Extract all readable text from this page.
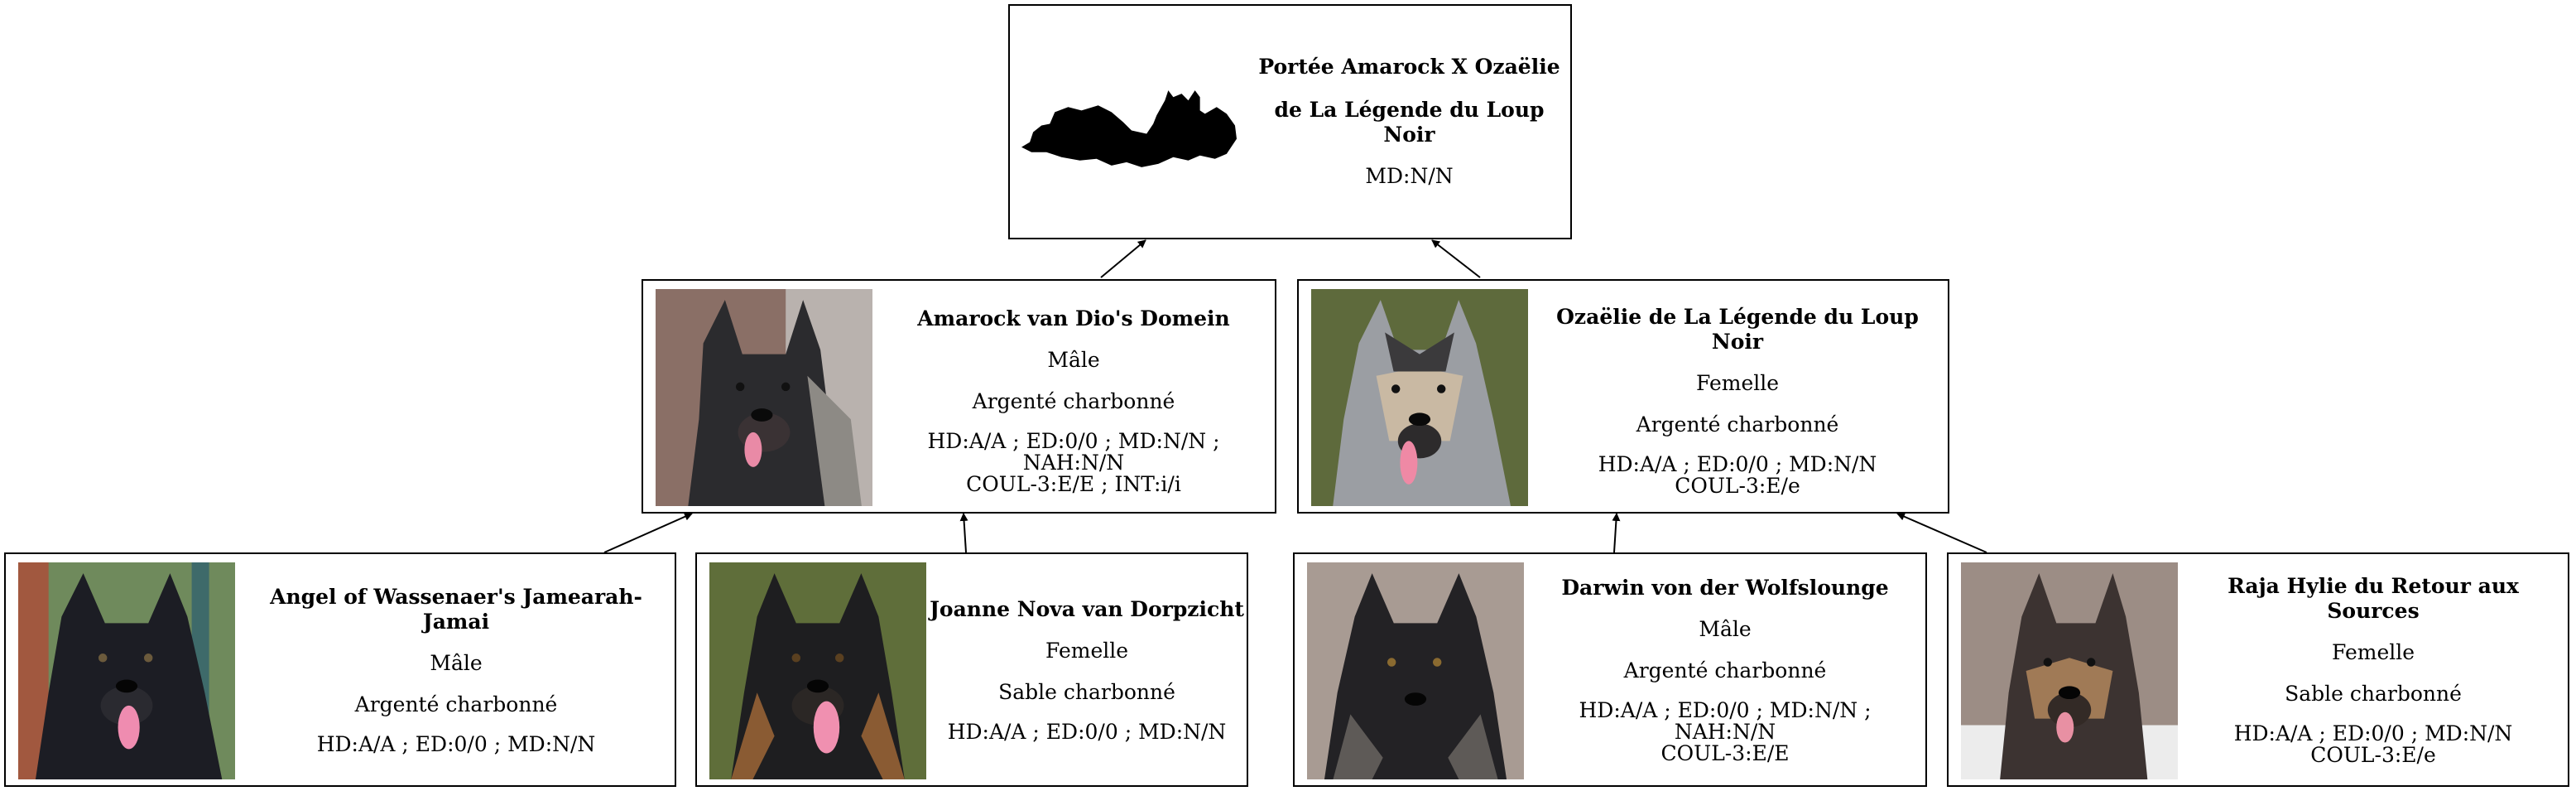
Portée Amarock X Ozaëlie
de La Légende du Loup Noir
MD:N/N
Amarock van Dio's Domein
Mâle
Argenté charbonné
HD:A/A ; ED:0/0 ; MD:N/N ; NAH:N/N
COUL-3:E/E ; INT:i/i
Ozaëlie de La Légende du Loup Noir
Femelle
Argenté charbonné
HD:A/A ; ED:0/0 ; MD:N/N
COUL-3:E/e
Angel of Wassenaer's Jamearah-Jamai
Mâle
Argenté charbonné
HD:A/A ; ED:0/0 ; MD:N/N
Joanne Nova van Dorpzicht
Femelle
Sable charbonné
HD:A/A ; ED:0/0 ; MD:N/N
Darwin von der Wolfslounge
Mâle
Argenté charbonné
HD:A/A ; ED:0/0 ; MD:N/N ; NAH:N/N
COUL-3:E/E
Raja Hylie du Retour aux Sources
Femelle
Sable charbonné
HD:A/A ; ED:0/0 ; MD:N/N
COUL-3:E/e
